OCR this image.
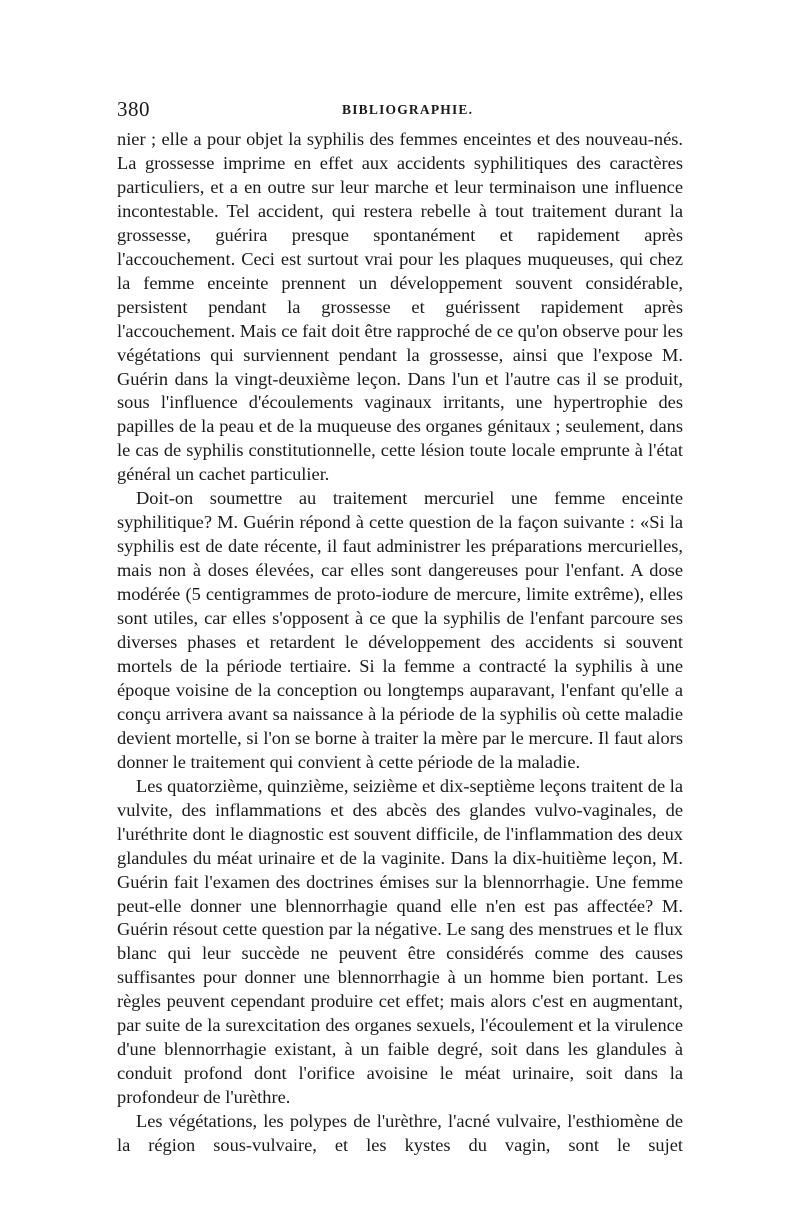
380	BIBLIOGRAPHIE.

nier ; elle a pour objet la syphilis des femmes enceintes et des nouveau-nés. La grossesse imprime en effet aux accidents syphilitiques des caractères particuliers, et a en outre sur leur marche et leur terminaison une influence incontestable. Tel accident, qui restera rebelle à tout traitement durant la grossesse, guérira presque spontanément et rapidement après l'accouchement. Ceci est surtout vrai pour les plaques muqueuses, qui chez la femme enceinte prennent un développement souvent considérable, persistent pendant la grossesse et guérissent rapidement après l'accouchement. Mais ce fait doit être rapproché de ce qu'on observe pour les végétations qui surviennent pendant la grossesse, ainsi que l'expose M. Guérin dans la vingt-deuxième leçon. Dans l'un et l'autre cas il se produit, sous l'influence d'écoulements vaginaux irritants, une hypertrophie des papilles de la peau et de la muqueuse des organes génitaux ; seulement, dans le cas de syphilis constitutionnelle, cette lésion toute locale emprunte à l'état général un cachet particulier.

Doit-on soumettre au traitement mercuriel une femme enceinte syphilitique? M. Guérin répond à cette question de la façon suivante : «Si la syphilis est de date récente, il faut administrer les préparations mercurielles, mais non à doses élevées, car elles sont dangereuses pour l'enfant. A dose modérée (5 centigrammes de proto-iodure de mercure, limite extrême), elles sont utiles, car elles s'opposent à ce que la syphilis de l'enfant parcoure ses diverses phases et retardent le développement des accidents si souvent mortels de la période tertiaire. Si la femme a contracté la syphilis à une époque voisine de la conception ou longtemps auparavant, l'enfant qu'elle a conçu arrivera avant sa naissance à la période de la syphilis où cette maladie devient mortelle, si l'on se borne à traiter la mère par le mercure. Il faut alors donner le traitement qui convient à cette période de la maladie.

Les quatorzième, quinzième, seizième et dix-septième leçons traitent de la vulvite, des inflammations et des abcès des glandes vulvo-vaginales, de l'uréthrite dont le diagnostic est souvent difficile, de l'inflammation des deux glandules du méat urinaire et de la vaginite. Dans la dix-huitième leçon, M. Guérin fait l'examen des doctrines émises sur la blennorrhagie. Une femme peut-elle donner une blennorrhagie quand elle n'en est pas affectée? M. Guérin résout cette question par la négative. Le sang des menstrues et le flux blanc qui leur succède ne peuvent être considérés comme des causes suffisantes pour donner une blennorrhagie à un homme bien portant. Les règles peuvent cependant produire cet effet; mais alors c'est en augmentant, par suite de la surexcitation des organes sexuels, l'écoulement et la virulence d'une blennorrhagie existant, à un faible degré, soit dans les glandules à conduit profond dont l'orifice avoisine le méat urinaire, soit dans la profondeur de l'urèthre.

Les végétations, les polypes de l'urèthre, l'acné vulvaire, l'esthiomène de la région sous-vulvaire, et les kystes du vagin, sont le sujet
